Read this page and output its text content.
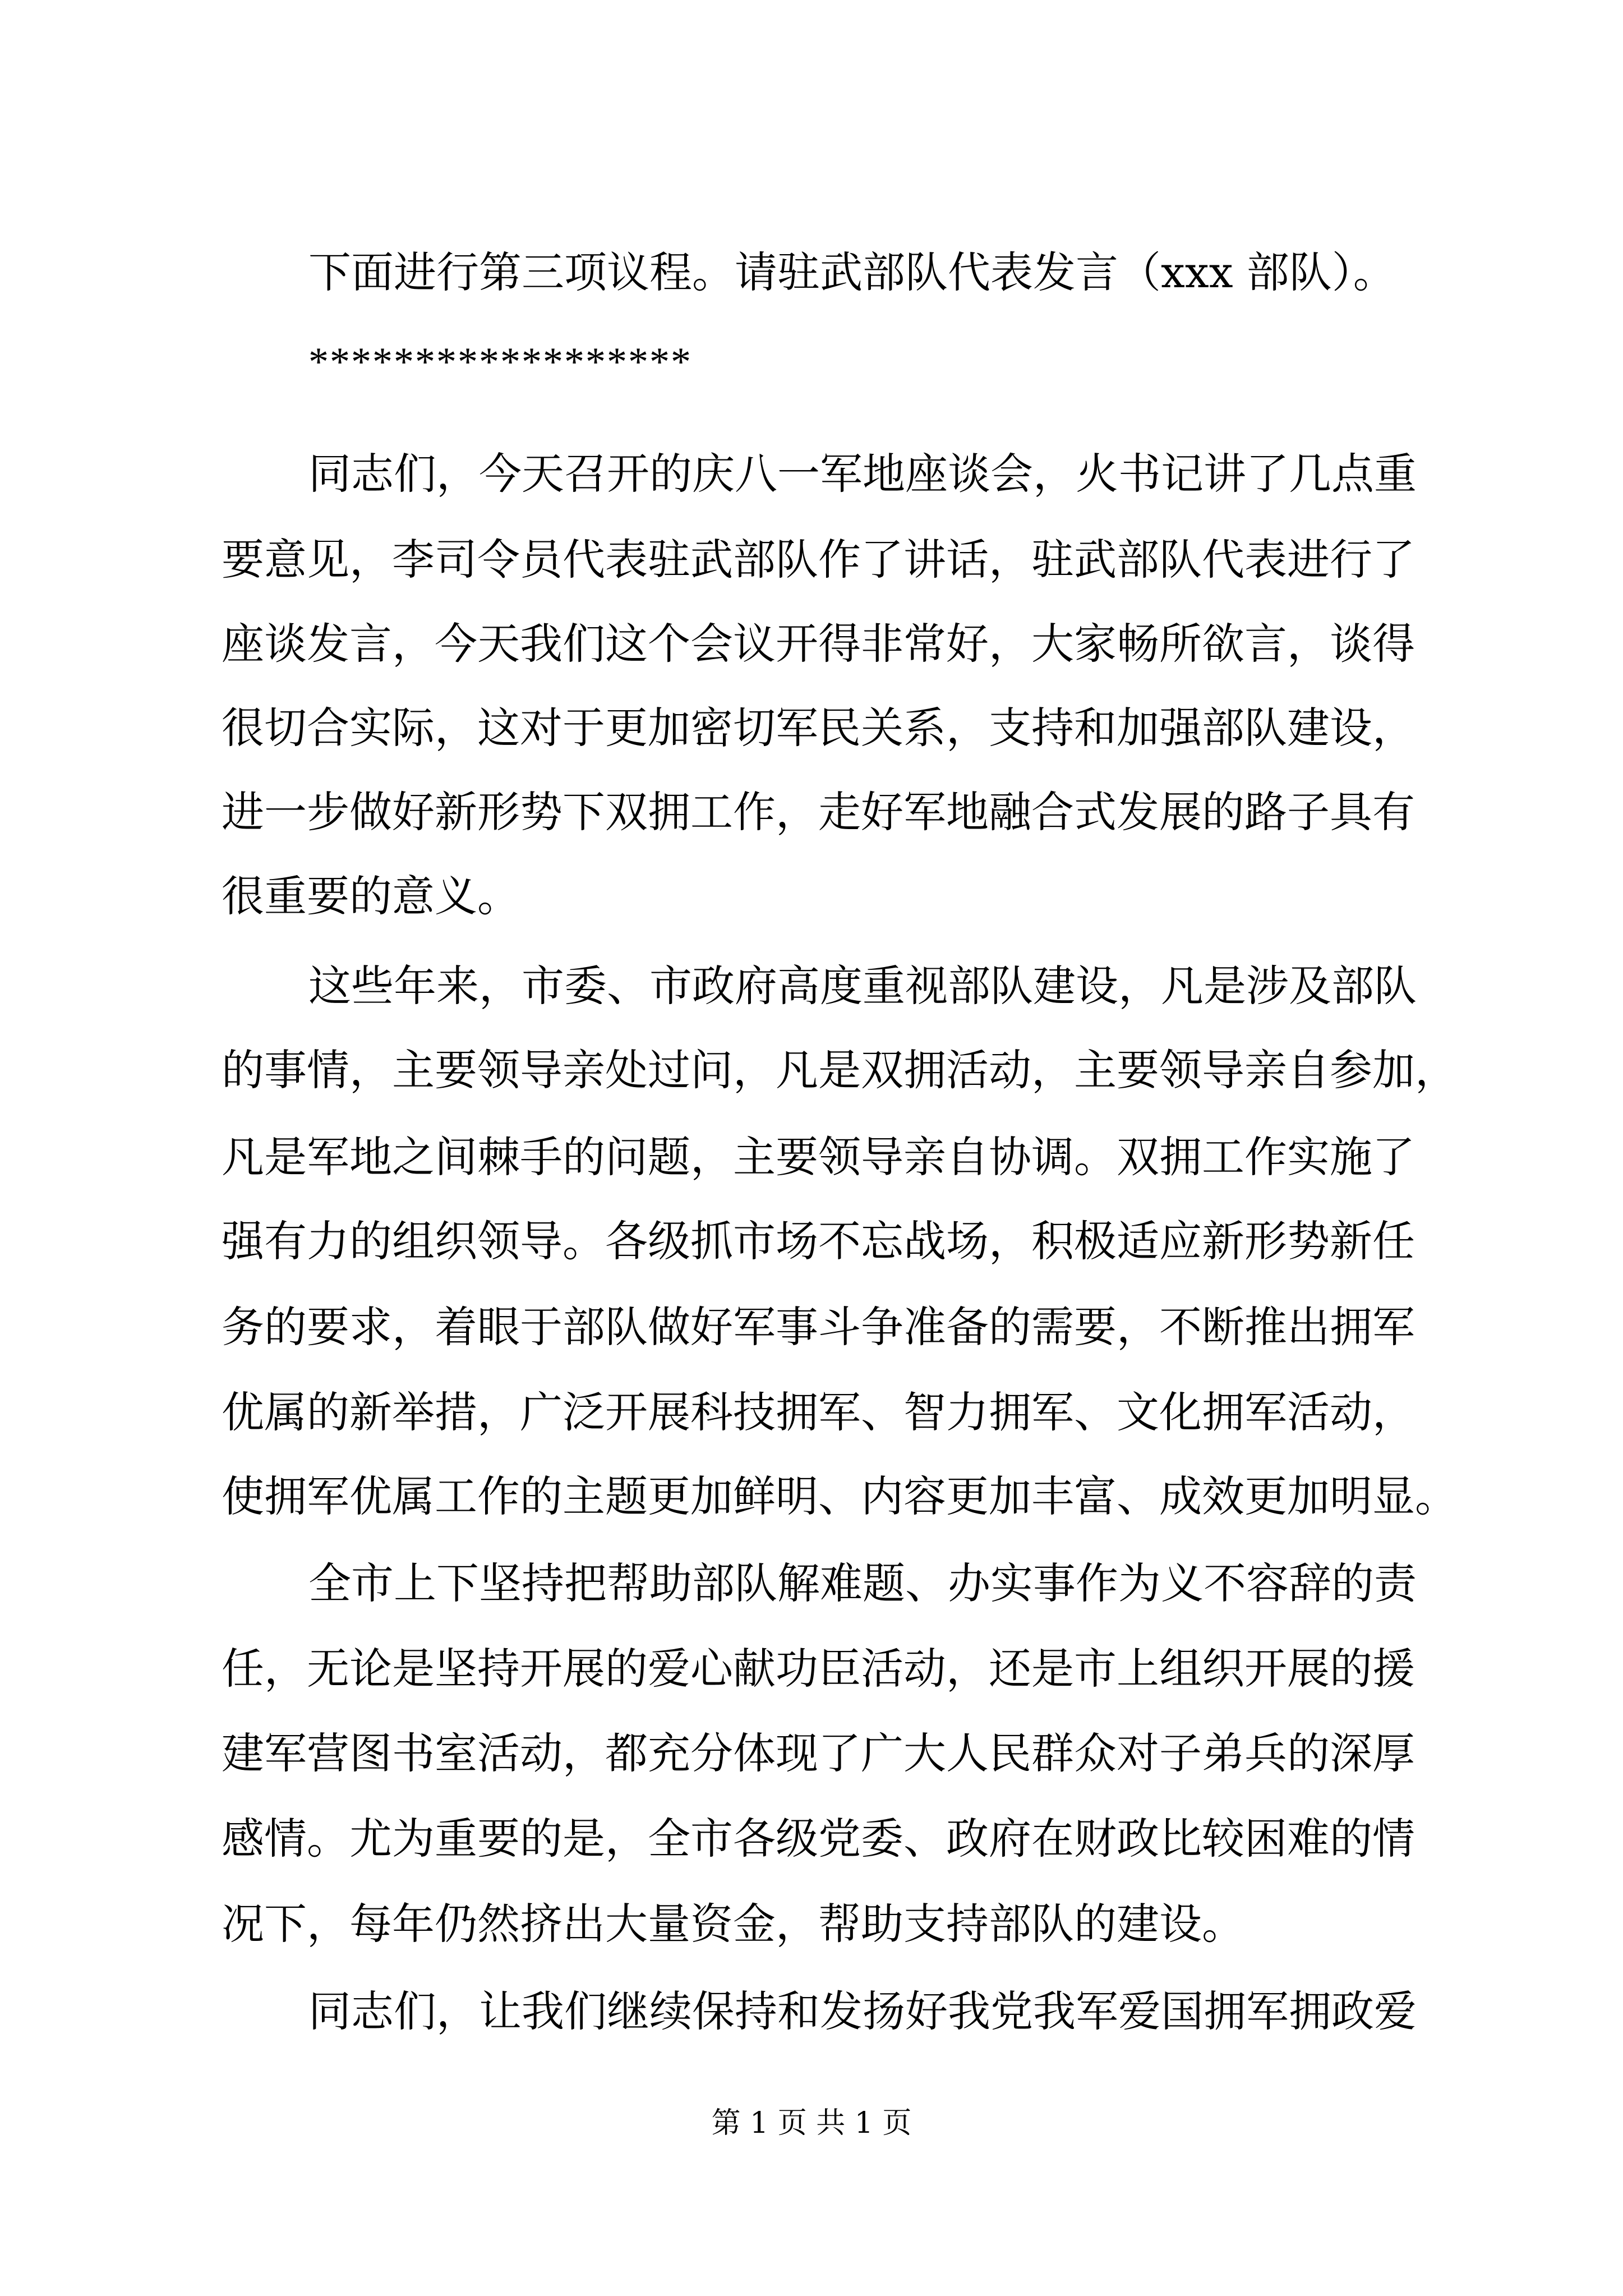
下面进行第三项议程。请驻武部队代表发言（xxx 部队）。
******************
同志们，今天召开的庆八一军地座谈会，火书记讲了几点重
要意见，李司令员代表驻武部队作了讲话，驻武部队代表进行了
座谈发言，今天我们这个会议开得非常好，大家畅所欲言，谈得
很切合实际，这对于更加密切军民关系，支持和加强部队建设，
进一步做好新形势下双拥工作，走好军地融合式发展的路子具有
很重要的意义。
这些年来，市委、市政府高度重视部队建设，凡是涉及部队
的事情，主要领导亲处过问，凡是双拥活动，主要领导亲自参加，
凡是军地之间棘手的问题，主要领导亲自协调。双拥工作实施了
强有力的组织领导。各级抓市场不忘战场，积极适应新形势新任
务的要求，着眼于部队做好军事斗争准备的需要，不断推出拥军
优属的新举措，广泛开展科技拥军、智力拥军、文化拥军活动，
使拥军优属工作的主题更加鲜明、内容更加丰富、成效更加明显。
全市上下坚持把帮助部队解难题、办实事作为义不容辞的责
任，无论是坚持开展的爱心献功臣活动，还是市上组织开展的援
建军营图书室活动，都充分体现了广大人民群众对子弟兵的深厚
感情。尤为重要的是，全市各级党委、政府在财政比较困难的情
况下，每年仍然挤出大量资金，帮助支持部队的建设。
同志们，让我们继续保持和发扬好我党我军爱国拥军拥政爱
第 1 页 共 1 页
